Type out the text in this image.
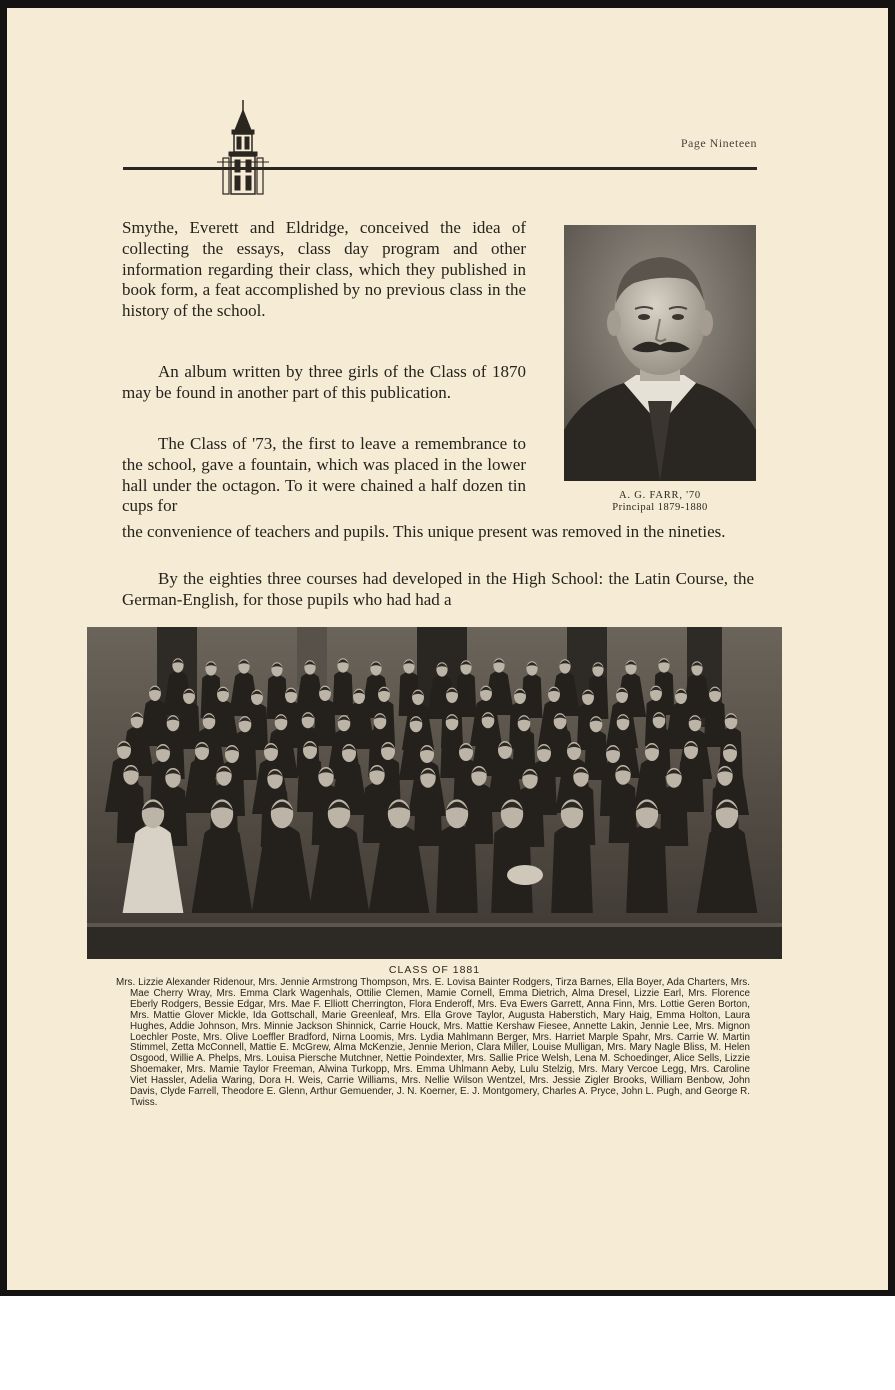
Page Nineteen

Smythe, Everett and Eldridge, conceived the idea of collecting the essays, class day program and other information regarding their class, which they published in book form, a feat accomplished by no previous class in the history of the school.

An album written by three girls of the Class of 1870 may be found in another part of this publication.

The Class of '73, the first to leave a remembrance to the school, gave a fountain, which was placed in the lower hall under the octagon. To it were chained a half dozen tin cups for

the convenience of teachers and pupils. This unique present was removed in the nineties.

By the eighties three courses had developed in the High School: the Latin Course, the German-English, for those pupils who had had a

A. G. FARR, '70
Principal 1879-1880
CLASS OF 1881

Mrs. Lizzie Alexander Ridenour, Mrs. Jennie Armstrong Thompson, Mrs. E. Lovisa Bainter Rodgers, Tirza Barnes, Ella Boyer, Ada Charters, Mrs. Mae Cherry Wray, Mrs. Emma Clark Wagenhals, Ottilie Clemen, Mamie Cornell, Emma Dietrich, Alma Dresel, Lizzie Earl, Mrs. Florence Eberly Rodgers, Bessie Edgar, Mrs. Mae F. Elliott Cherrington, Flora Enderoff, Mrs. Eva Ewers Garrett, Anna Finn, Mrs. Lottie Geren Borton, Mrs. Mattie Glover Mickle, Ida Gottschall, Marie Greenleaf, Mrs. Ella Grove Taylor, Augusta Haberstich, Mary Haig, Emma Holton, Laura Hughes, Addie Johnson, Mrs. Minnie Jackson Shinnick, Carrie Houck, Mrs. Mattie Kershaw Fiesee, Annette Lakin, Jennie Lee, Mrs. Mignon Loechler Poste, Mrs. Olive Loeffler Bradford, Nirna Loomis, Mrs. Lydia Mahlmann Berger, Mrs. Harriet Marple Spahr, Mrs. Carrie W. Martin Stimmel, Zetta McConnell, Mattie E. McGrew, Alma McKenzie, Jennie Merion, Clara Miller, Louise Mulligan, Mrs. Mary Nagle Bliss, M. Helen Osgood, Willie A. Phelps, Mrs. Louisa Piersche Mutchner, Nettie Poindexter, Mrs. Sallie Price Welsh, Lena M. Schoedinger, Alice Sells, Lizzie Shoemaker, Mrs. Mamie Taylor Freeman, Alwina Turkopp, Mrs. Emma Uhlmann Aeby, Lulu Stelzig, Mrs. Mary Vercoe Legg, Mrs. Caroline Viet Hassler, Adelia Waring, Dora H. Weis, Carrie Williams, Mrs. Nellie Wilson Wentzel, Mrs. Jessie Zigler Brooks, William Benbow, John Davis, Clyde Farrell, Theodore E. Glenn, Arthur Gemuender, J. N. Koerner, E. J. Montgomery, Charles A. Pryce, John L. Pugh, and George R. Twiss.
